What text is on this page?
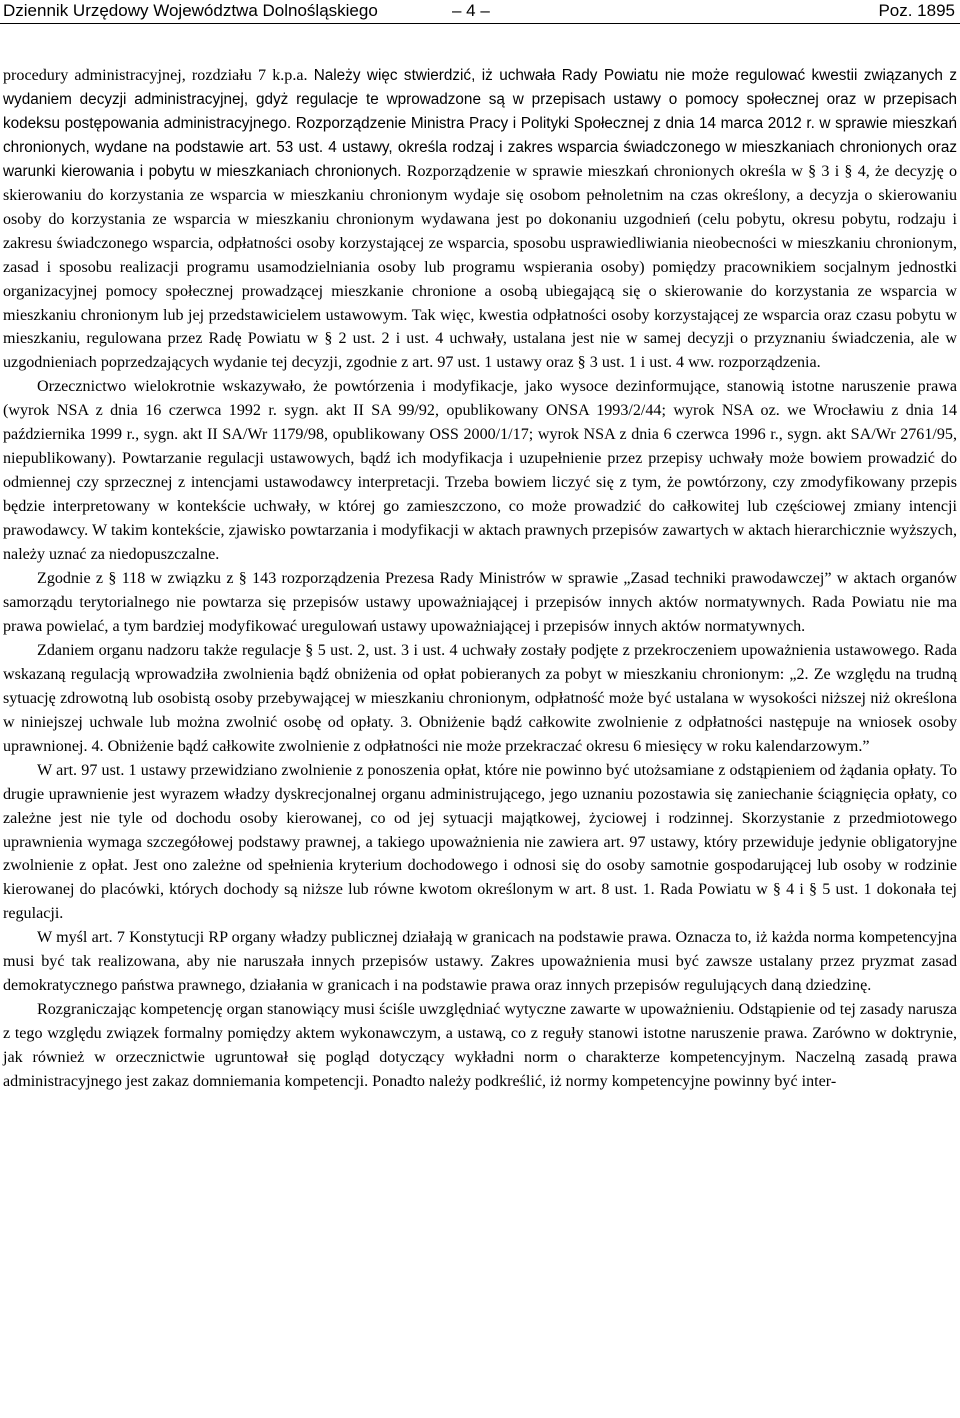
Dziennik Urzędowy Województwa Dolnośląskiego	– 4 –	Poz. 1895

procedury administracyjnej, rozdziału 7 k.p.a. Należy więc stwierdzić, iż uchwała Rady Powiatu nie może regulować kwestii związanych z wydaniem decyzji administracyjnej, gdyż regulacje te wprowadzone są w przepisach ustawy o pomocy społecznej oraz w przepisach kodeksu postępowania administracyjnego. Rozporządzenie Ministra Pracy i Polityki Społecznej z dnia 14 marca 2012 r. w sprawie mieszkań chronionych, wydane na podstawie art. 53 ust. 4 ustawy, określa rodzaj i zakres wsparcia świadczonego w mieszkaniach chronionych oraz warunki kierowania i pobytu w mieszkaniach chronionych. Rozporządzenie w sprawie mieszkań chronionych określa w § 3 i § 4, że decyzję o skierowaniu do korzystania ze wsparcia w mieszkaniu chronionym wydaje się osobom pełnoletnim na czas określony, a decyzja o skierowaniu osoby do korzystania ze wsparcia w mieszkaniu chronionym wydawana jest po dokonaniu uzgodnień (celu pobytu, okresu pobytu, rodzaju i zakresu świadczonego wsparcia, odpłatności osoby korzystającej ze wsparcia, sposobu usprawiedliwiania nieobecności w mieszkaniu chronionym, zasad i sposobu realizacji programu usamodzielniania osoby lub programu wspierania osoby) pomiędzy pracownikiem socjalnym jednostki organizacyjnej pomocy społecznej prowadzącej mieszkanie chronione a osobą ubiegającą się o skierowanie do korzystania ze wsparcia w mieszkaniu chronionym lub jej przedstawicielem ustawowym. Tak więc, kwestia odpłatności osoby korzystającej ze wsparcia oraz czasu pobytu w mieszkaniu, regulowana przez Radę Powiatu w § 2 ust. 2 i ust. 4 uchwały, ustalana jest nie w samej decyzji o przyznaniu świadczenia, ale w uzgodnieniach poprzedzających wydanie tej decyzji, zgodnie z art. 97 ust. 1 ustawy oraz § 3 ust. 1 i ust. 4 ww. rozporządzenia.

Orzecznictwo wielokrotnie wskazywało, że powtórzenia i modyfikacje, jako wysoce dezinformujące, stanowią istotne naruszenie prawa (wyrok NSA z dnia 16 czerwca 1992 r. sygn. akt II SA 99/92, opublikowany ONSA 1993/2/44; wyrok NSA oz. we Wrocławiu z dnia 14 października 1999 r., sygn. akt II SA/Wr 1179/98, opublikowany OSS 2000/1/17; wyrok NSA z dnia 6 czerwca 1996 r., sygn. akt SA/Wr 2761/95, niepublikowany). Powtarzanie regulacji ustawowych, bądź ich modyfikacja i uzupełnienie przez przepisy uchwały może bowiem prowadzić do odmiennej czy sprzecznej z intencjami ustawodawcy interpretacji. Trzeba bowiem liczyć się z tym, że powtórzony, czy zmodyfikowany przepis będzie interpretowany w kontekście uchwały, w której go zamieszczono, co może prowadzić do całkowitej lub częściowej zmiany intencji prawodawcy. W takim kontekście, zjawisko powtarzania i modyfikacji w aktach prawnych przepisów zawartych w aktach hierarchicznie wyższych, należy uznać za niedopuszczalne.

Zgodnie z § 118 w związku z § 143 rozporządzenia Prezesa Rady Ministrów w sprawie „Zasad techniki prawodawczej” w aktach organów samorządu terytorialnego nie powtarza się przepisów ustawy upoważniającej i przepisów innych aktów normatywnych. Rada Powiatu nie ma prawa powielać, a tym bardziej modyfikować uregulowań ustawy upoważniającej i przepisów innych aktów normatywnych.

Zdaniem organu nadzoru także regulacje § 5 ust. 2, ust. 3 i ust. 4 uchwały zostały podjęte z przekroczeniem upoważnienia ustawowego. Rada wskazaną regulacją wprowadziła zwolnienia bądź obniżenia od opłat pobieranych za pobyt w mieszkaniu chronionym: „2. Ze względu na trudną sytuację zdrowotną lub osobistą osoby przebywającej w mieszkaniu chronionym, odpłatność może być ustalana w wysokości niższej niż określona w niniejszej uchwale lub można zwolnić osobę od opłaty. 3. Obniżenie bądź całkowite zwolnienie z odpłatności następuje na wniosek osoby uprawnionej. 4. Obniżenie bądź całkowite zwolnienie z odpłatności nie może przekraczać okresu 6 miesięcy w roku kalendarzowym.”

W art. 97 ust. 1 ustawy przewidziano zwolnienie z ponoszenia opłat, które nie powinno być utożsamiane z odstąpieniem od żądania opłaty. To drugie uprawnienie jest wyrazem władzy dyskrecjonalnej organu administrującego, jego uznaniu pozostawia się zaniechanie ściągnięcia opłaty, co zależne jest nie tyle od dochodu osoby kierowanej, co od jej sytuacji majątkowej, życiowej i rodzinnej. Skorzystanie z przedmiotowego uprawnienia wymaga szczegółowej podstawy prawnej, a takiego upoważnienia nie zawiera art. 97 ustawy, który przewiduje jedynie obligatoryjne zwolnienie z opłat. Jest ono zależne od spełnienia kryterium dochodowego i odnosi się do osoby samotnie gospodarującej lub osoby w rodzinie kierowanej do placówki, których dochody są niższe lub równe kwotom określonym w art. 8 ust. 1. Rada Powiatu w § 4 i § 5 ust. 1 dokonała tej regulacji.

W myśl art. 7 Konstytucji RP organy władzy publicznej działają w granicach na podstawie prawa. Oznacza to, iż każda norma kompetencyjna musi być tak realizowana, aby nie naruszała innych przepisów ustawy. Zakres upoważnienia musi być zawsze ustalany przez pryzmat zasad demokratycznego państwa prawnego, działania w granicach i na podstawie prawa oraz innych przepisów regulujących daną dziedzinę.

Rozgraniczając kompetencję organ stanowiący musi ściśle uwzględniać wytyczne zawarte w upoważnieniu. Odstąpienie od tej zasady narusza z tego względu związek formalny pomiędzy aktem wykonawczym, a ustawą, co z reguły stanowi istotne naruszenie prawa. Zarówno w doktrynie, jak również w orzecznictwie ugruntował się pogląd dotyczący wykładni norm o charakterze kompetencyjnym. Naczelną zasadą prawa administracyjnego jest zakaz domniemania kompetencji. Ponadto należy podkreślić, iż normy kompetencyjne powinny być inter-
